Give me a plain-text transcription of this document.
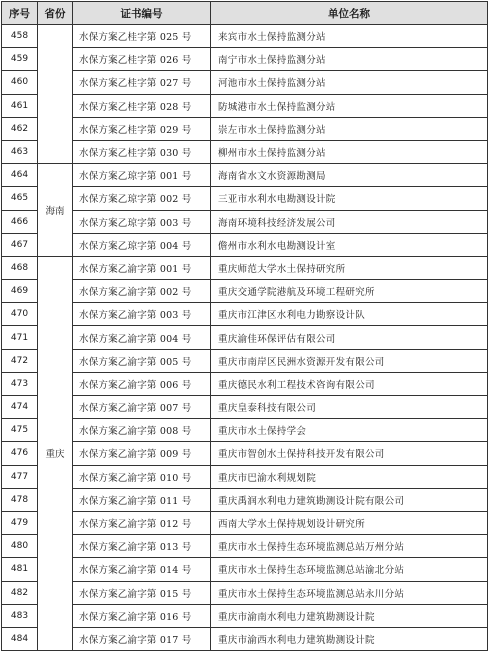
序号	省份	证书编号	单位名称
458		水保方案乙桂字第 025 号	来宾市水土保持监测分站
459		水保方案乙桂字第 026 号	南宁市水土保持监测分站
460		水保方案乙桂字第 027 号	河池市水土保持监测分站
461		水保方案乙桂字第 028 号	防城港市水土保持监测分站
462		水保方案乙桂字第 029 号	崇左市水土保持监测分站
463		水保方案乙桂字第 030 号	柳州市水土保持监测分站
464	海南	水保方案乙琼字第 001 号	海南省水文水资源勘测局
465		水保方案乙琼字第 002 号	三亚市水利水电勘测设计院
466		水保方案乙琼字第 003 号	海南环境科技经济发展公司
467		水保方案乙琼字第 004 号	儋州市水利水电勘测设计室
468	重庆	水保方案乙渝字第 001 号	重庆师范大学水土保持研究所
469		水保方案乙渝字第 002 号	重庆交通学院港航及环境工程研究所
470		水保方案乙渝字第 003 号	重庆市江津区水利电力勘察设计队
471		水保方案乙渝字第 004 号	重庆渝佳环保评估有限公司
472		水保方案乙渝字第 005 号	重庆市南岸区民洲水资源开发有限公司
473		水保方案乙渝字第 006 号	重庆德民水利工程技术咨询有限公司
474		水保方案乙渝字第 007 号	重庆皇泰科技有限公司
475		水保方案乙渝字第 008 号	重庆市水土保持学会
476		水保方案乙渝字第 009 号	重庆市智创水土保持科技开发有限公司
477		水保方案乙渝字第 010 号	重庆市巴渝水利规划院
478		水保方案乙渝字第 011 号	重庆禹润水利电力建筑勘测设计院有限公司
479		水保方案乙渝字第 012 号	西南大学水土保持规划设计研究所
480		水保方案乙渝字第 013 号	重庆市水土保持生态环境监测总站万州分站
481		水保方案乙渝字第 014 号	重庆市水土保持生态环境监测总站渝北分站
482		水保方案乙渝字第 015 号	重庆市水土保持生态环境监测总站永川分站
483		水保方案乙渝字第 016 号	重庆市渝南水利电力建筑勘测设计院
484		水保方案乙渝字第 017 号	重庆市渝西水利电力建筑勘测设计院
